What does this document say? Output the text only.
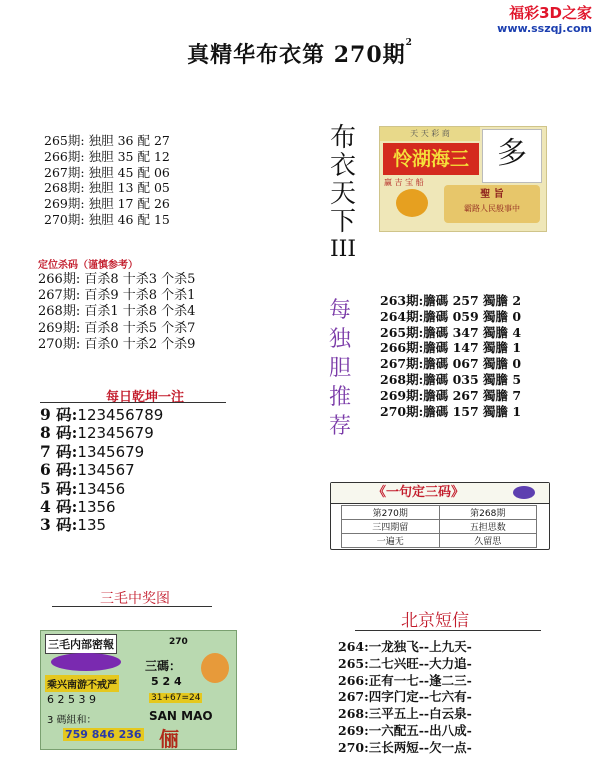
福彩3D之家
www.sszqj.com
真精华布衣第 270期$^2$
265期: 独胆 36 配 27
266期: 独胆 35 配 12
267期: 独胆 45 配 06
268期: 独胆 13 配 05
269期: 独胆 17 配 26
270期: 独胆 46 配 15
定位杀码（谨慎参考）
266期: 百杀8 十杀3 个杀5
267期: 百杀9 十杀8 个杀1
268期: 百杀1 十杀8 个杀4
269期: 百杀8 十杀5 个杀7
270期: 百杀0 十杀2 个杀9
每日乾坤一注
9 码:123456789
8 码:12345679
7 码:1345679
6 码:134567
5 码:13456
4 码:1356
3 码:135
布
衣
天
下
III
天 天 彩 商
怜湖海三 多
赢 吉 宝 船
聖 旨
霸路人民般事中
每
独
胆
推
荐
263期:膽碼 257 獨膽 2
264期:膽碼 059 獨膽 0
265期:膽碼 347 獨膽 4
266期:膽碼 147 獨膽 1
267期:膽碼 067 獨膽 0
268期:膽碼 035 獨膽 5
269期:膽碼 267 獨膽 7
270期:膽碼 157 獨膽 1
《一句定三码》
第270期	第268期
三四期留	五担思数
一遍无	久留思
三毛中奖图
三毛内部密報	270
乘兴南游不戒严
6 2 5 3 9
三碼：
5 2 4
31+67=24
3 碼組和：
759 846 236
SAN MAO
俪
北京短信
264:一龙独飞--上九天-
265:二七兴旺--大力追-
266:正有一七--逢二三-
267:四字门定--七六有-
268:三平五上--白云泉-
269:一六配五--出八成-
270:三长两短--欠一点-
